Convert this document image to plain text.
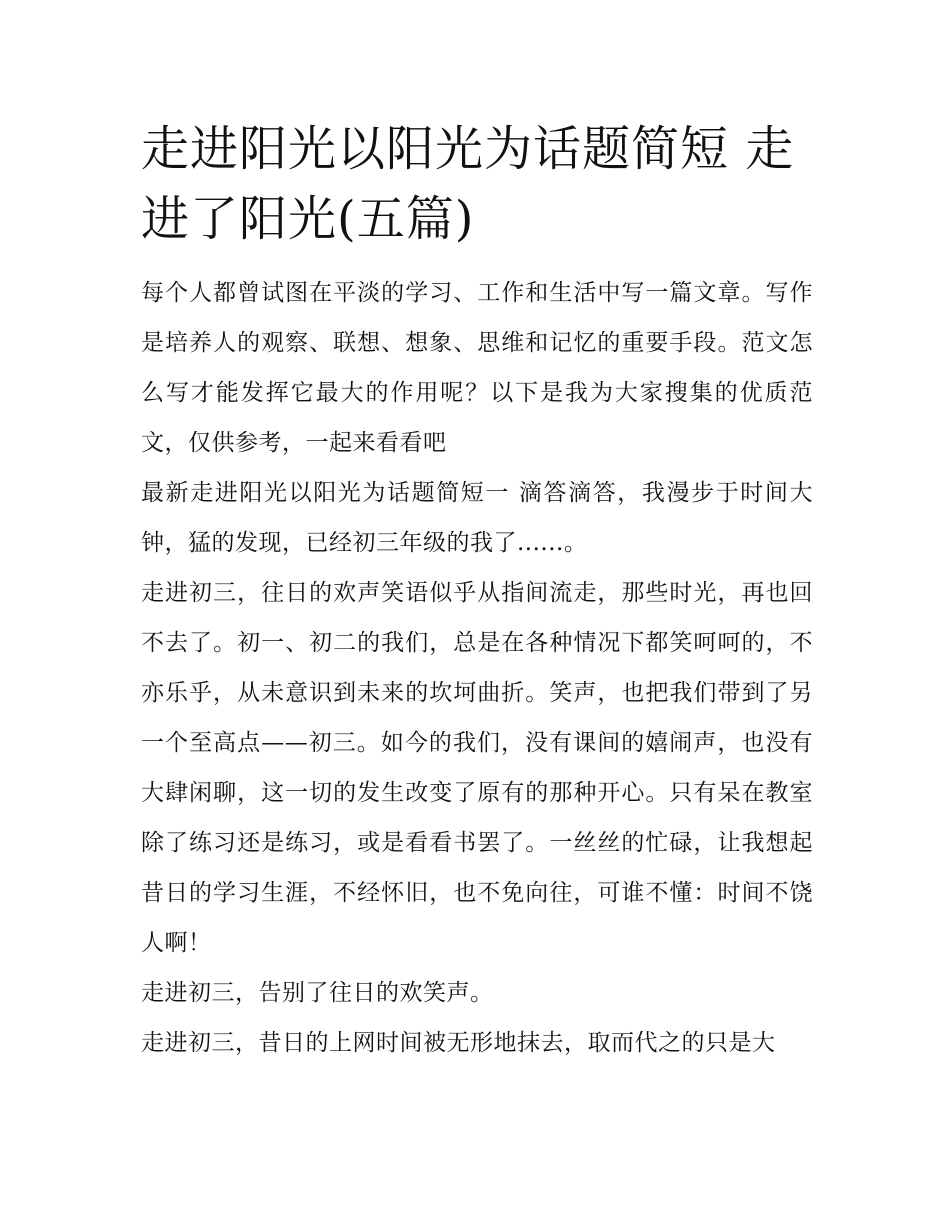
走进阳光以阳光为话题简短 走进了阳光(五篇)

每个人都曾试图在平淡的学习、工作和生活中写一篇文章。写作是培养人的观察、联想、想象、思维和记忆的重要手段。范文怎么写才能发挥它最大的作用呢？以下是我为大家搜集的优质范文，仅供参考，一起来看看吧

最新走进阳光以阳光为话题简短一 滴答滴答，我漫步于时间大钟，猛的发现，已经初三年级的我了......。

走进初三，往日的欢声笑语似乎从指间流走，那些时光，再也回不去了。初一、初二的我们，总是在各种情况下都笑呵呵的，不亦乐乎，从未意识到未来的坎坷曲折。笑声，也把我们带到了另一个至高点——初三。如今的我们，没有课间的嬉闹声，也没有大肆闲聊，这一切的发生改变了原有的那种开心。只有呆在教室除了练习还是练习，或是看看书罢了。一丝丝的忙碌，让我想起昔日的学习生涯，不经怀旧，也不免向往，可谁不懂：时间不饶人啊！

走进初三，告别了往日的欢笑声。

走进初三，昔日的上网时间被无形地抹去，取而代之的只是大
